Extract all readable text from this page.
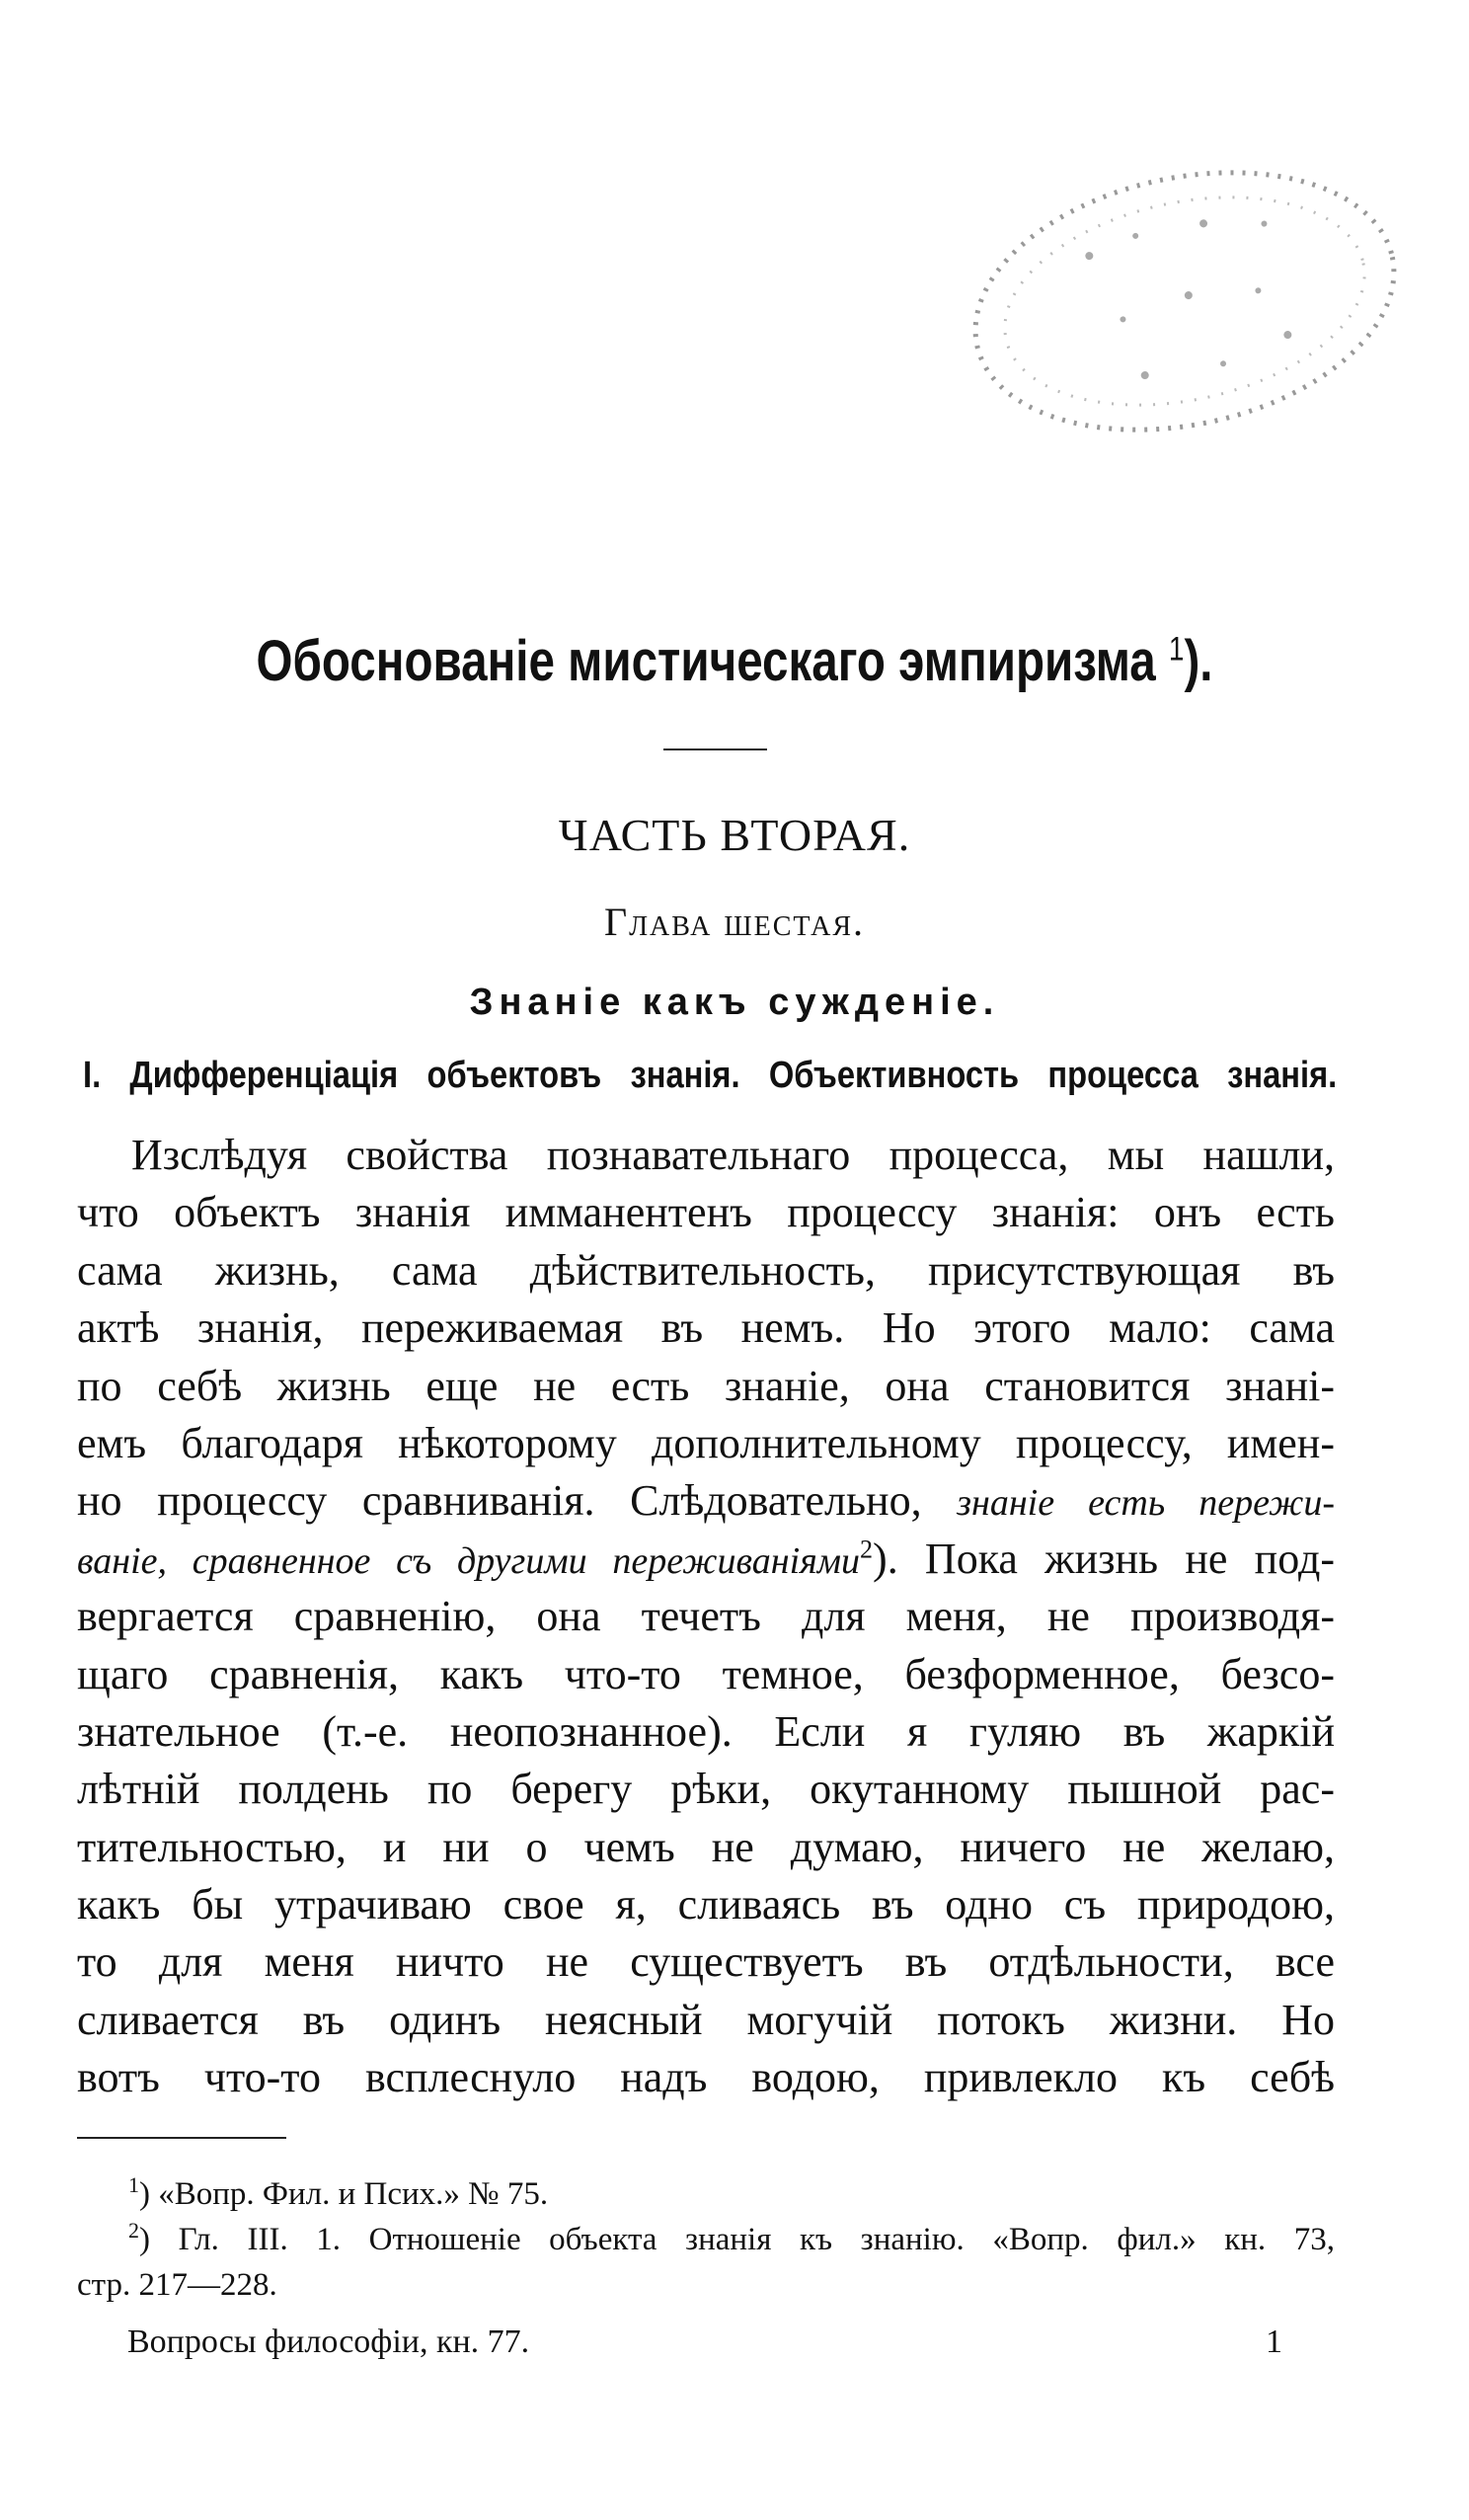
Обоснованіе мистическаго эмпиризма $^1$).
ЧАСТЬ ВТОРАЯ.
Глава шестая.
Знаніе какъ сужденіе.
I. Дифференціація объектовъ знанія. Объективность процесса знанія.
Изслѣдуя свойства познавательнаго процесса, мы нашли,
что объектъ знанія имманентенъ процессу знанія: онъ есть
сама жизнь, сама дѣйствительность, присутствующая въ
актѣ знанія, переживаемая въ немъ. Но этого мало: сама
по себѣ жизнь еще не есть знаніе, она становится знані-
емъ благодаря нѣкоторому дополнительному процессу, имен-
но процессу сравниванія. Слѣдовательно, знаніе есть пережи-
ваніе, сравненное съ другими переживаніями$^2$). Пока жизнь не под-
вергается сравненію, она течетъ для меня, не производя-
щаго сравненія, какъ что-то темное, безформенное, безсо-
знательное (т.-е. неопознанное). Если я гуляю въ жаркій
лѣтній полдень по берегу рѣки, окутанному пышной рас-
тительностью, и ни о чемъ не думаю, ничего не желаю,
какъ бы утрачиваю свое я, сливаясь въ одно съ природою,
то для меня ничто не существуетъ въ отдѣльности, все
сливается въ одинъ неясный могучій потокъ жизни. Но
вотъ что-то всплеснуло надъ водою, привлекло къ себѣ
$^1$) «Вопр. Фил. и Псих.» № 75.
$^2$) Гл. III. 1. Отношеніе объекта знанія къ знанію. «Вопр. фил.» кн. 73,
стр. 217—228.
Вопросы философіи, кн. 77.	1
